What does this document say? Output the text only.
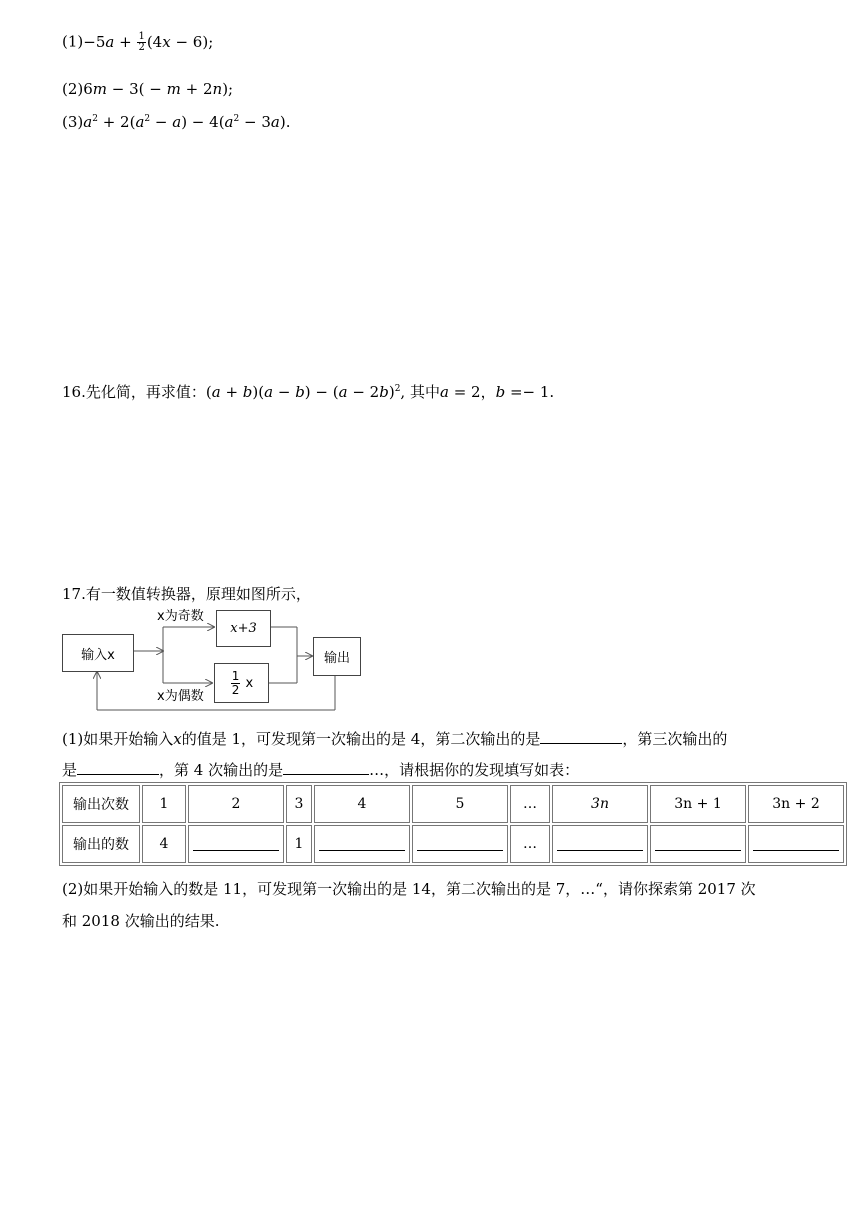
$(1)-5a + \frac{1}{2} (4x - 6)$;
(2)6m − 3( − m + 2n);
$(3)a^2 + 2(a^2 - a) - 4(a^2 - 3a)$.
16.先化简，再求值：$(a + b)(a - b) - (a - 2b)^2$, 其中a = 2，b =− 1.
17.有一数值转换器，原理如图所示，
输入x
x为奇数
x+3
$\frac{1}{2}$
x
x为偶数
输出
(1)如果开始输入x的值是 1，可发现第一次输出的是 4，第二次输出的是	，第三次输出的
是	，第 4 次输出的是	…，请根据你的发现填写如表：
输出次数	1	2	3	4	5	…	3n	3n + 1	3n + 2
输出的数	4		1			…			
(2)如果开始输入的数是 11，可发现第一次输出的是 14，第二次输出的是 7，…“，请你探索第 2017 次
和 2018 次输出的结果.
